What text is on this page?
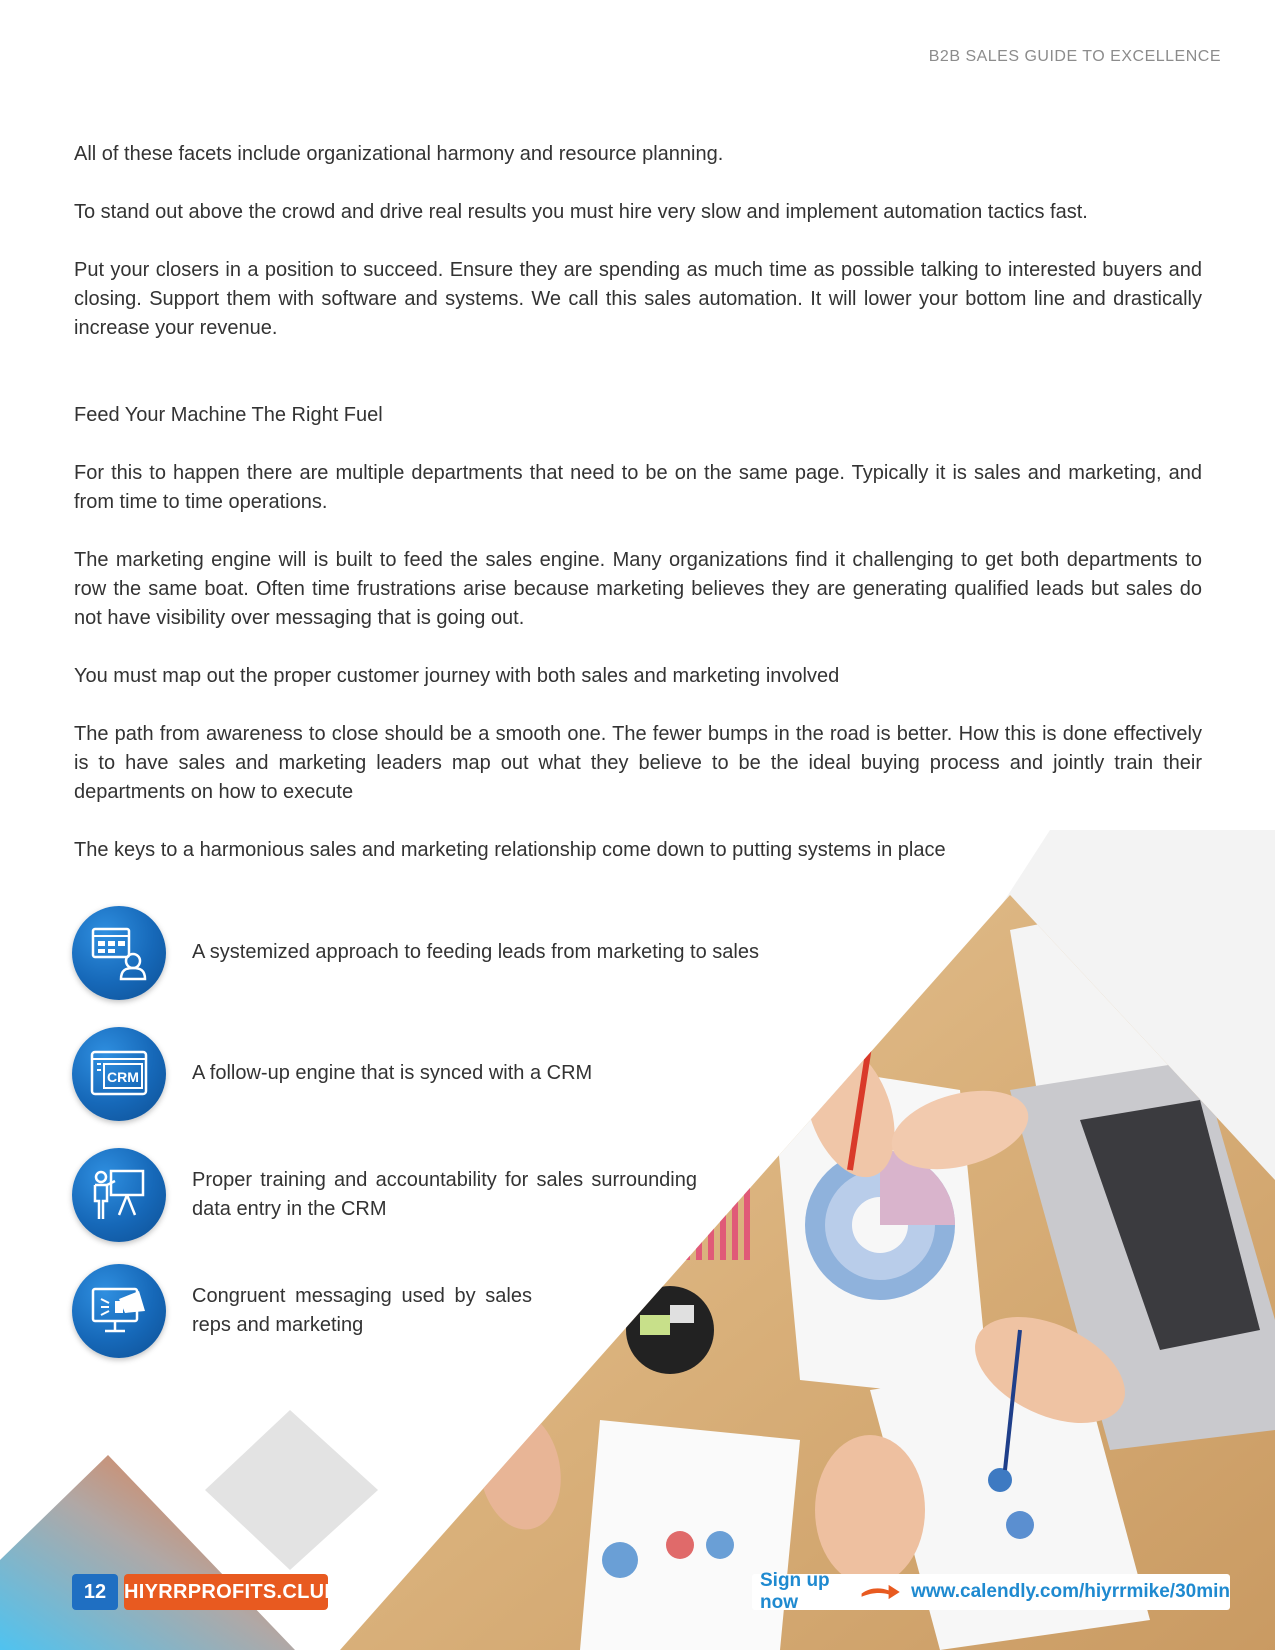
B2B SALES GUIDE TO EXCELLENCE

All of these facets include organizational harmony and resource planning.

To stand out above the crowd and drive real results you must hire very slow and implement automation tactics fast.

Put your closers in a position to succeed. Ensure they are spending as much time as possible talking to interested buyers and closing. Support them with software and systems. We call this sales automation. It will lower your bottom line and drastically increase your revenue.

Feed Your Machine The Right Fuel

For this to happen there are multiple departments that need to be on the same page. Typically it is sales and marketing, and from time to time operations.

The marketing engine will is built to feed the sales engine. Many organizations find it challenging to get both departments to row the same boat. Often time frustrations arise because marketing believes they are generating qualified leads but sales do not have visibility over messaging that is going out.

You must map out the proper customer journey with both sales and marketing involved

The path from awareness to close should be a smooth one. The fewer bumps in the road is better. How this is done effectively is to have sales and marketing leaders map out what they believe to be the ideal buying process and jointly train their departments on how to execute

The keys to a harmonious sales and marketing relationship come down to putting systems in place

A systemized approach to feeding leads from marketing to sales
CRM	A follow-up engine that is synced with a CRM
Proper training and accountability for sales surrounding data entry in the CRM
Congruent messaging used by sales reps and marketing
12 HIYRRPROFITS.CLUB
Sign up now
www.calendly.com/hiyrrmike/30min
